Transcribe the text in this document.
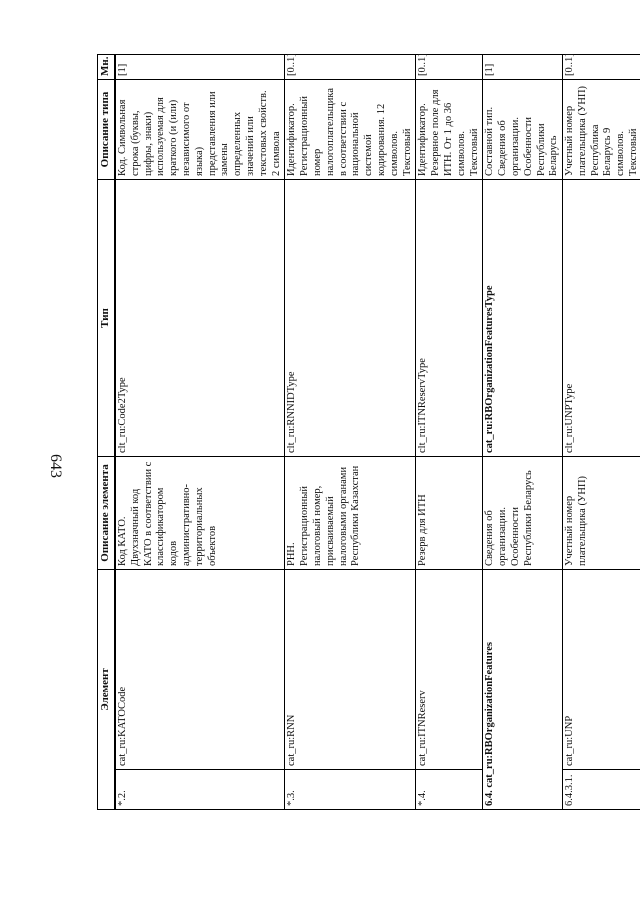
643
Элемент		Описание элемента	Тип	Описание типа	Мн.
*.2.	cat_ru:KATOCode	Код КАТО. Двухзначный код КАТО в соответствии с классификатором кодов административно-территориальных объектов	clt_ru:Code2Type	Код. Символьная строка (буквы, цифры, знаки) используемая для краткого (и (или) независимого от языка) представления или замены определенных значений или текстовых свойств. 2 символа	[1]
*.3.	cat_ru:RNN	РНН. Регистрационный налоговый номер, присваиваемый налоговыми органами Республики Казахстан	clt_ru:RNNIDType	Идентификатор. Регистрационный номер налогоплательщика в соответствии с национальной системой кодирования. 12 символов. Текстовый	[0..1]
*.4.	cat_ru:ITNReserv	Резерв для ИТН	clt_ru:ITNReservType	Идентификатор. Резервное поле для ИТН. От 1 до 36 символов. Текстовый	[0..1]
6.4. cat_ru:RBOrganizationFeatures		Сведения об организации. Особенности Республики Беларусь	cat_ru:RBOrganizationFeaturesType	Составной тип. Сведения об организации. Особенности Республики Беларусь	[1]
6.4.3.1.	cat_ru:UNP	Учетный номер плательщика (УНП)	clt_ru:UNPType	Учетный номер плательщика (УНП) Республика Беларусь 9 символов. Текстовый	[0..1]
